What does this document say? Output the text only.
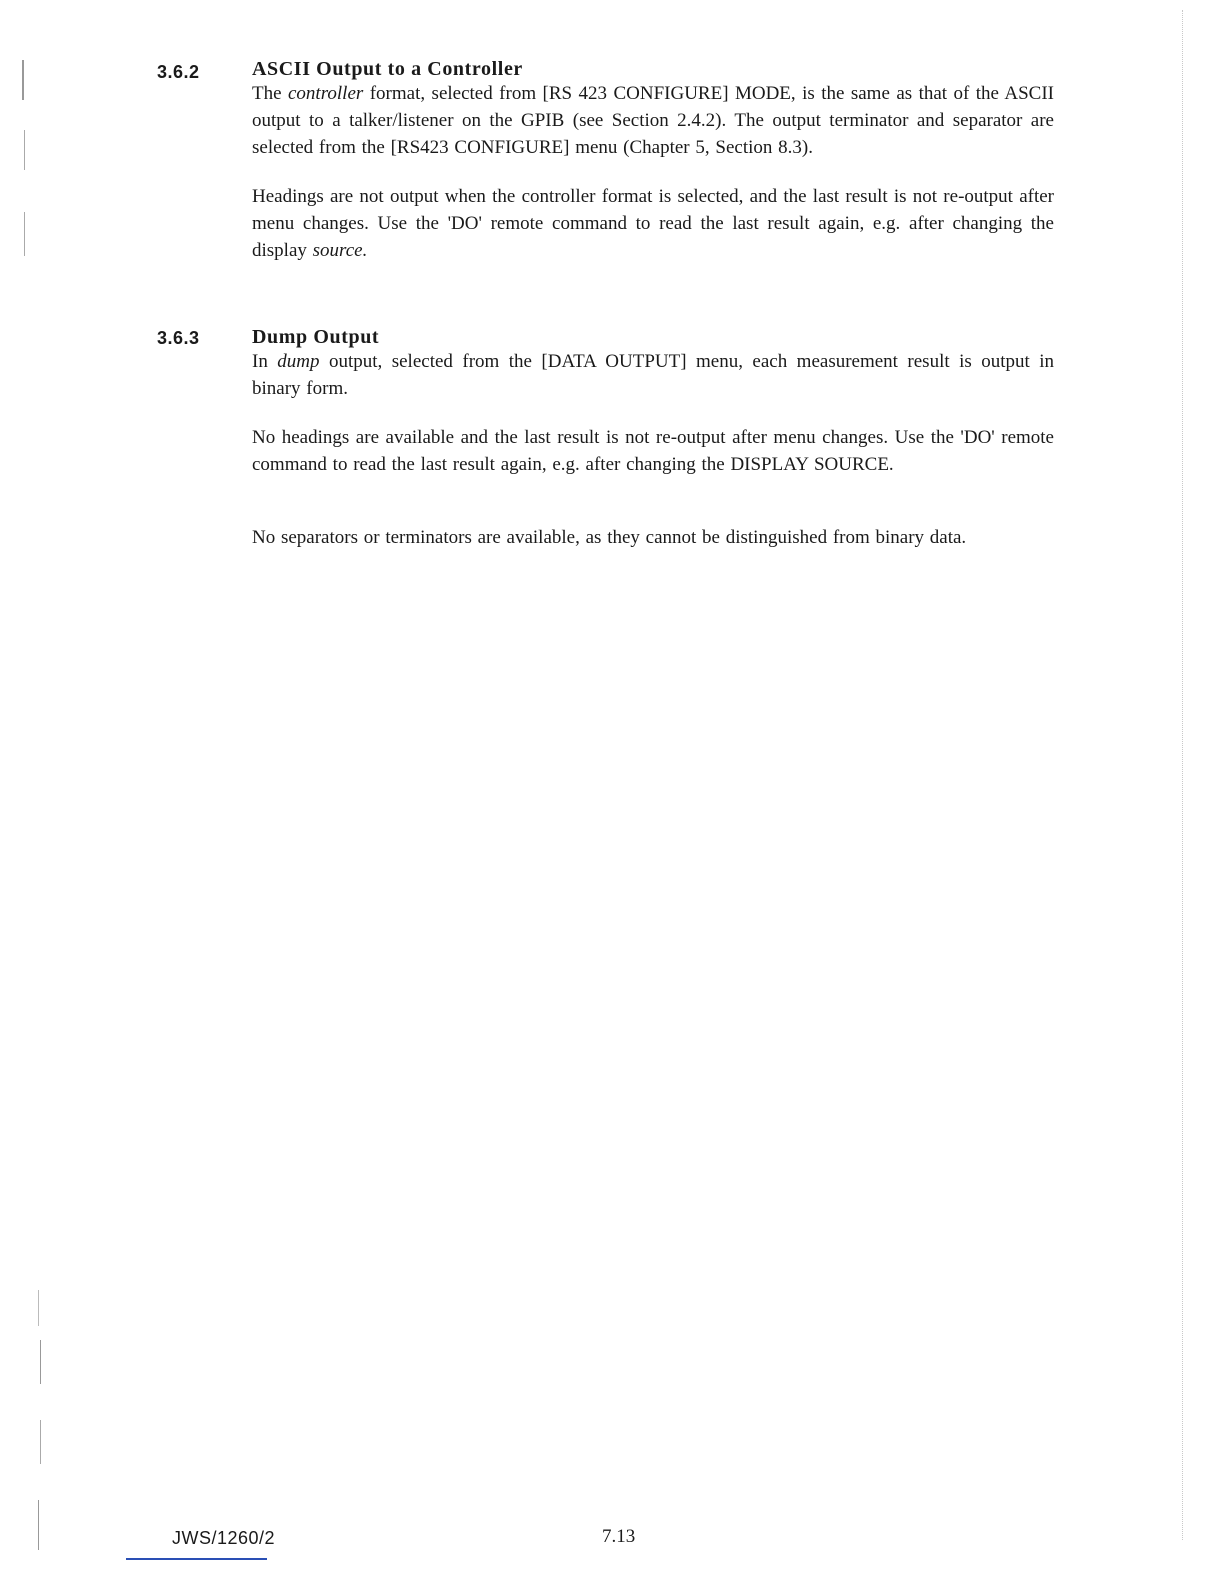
3.6.2	ASCII Output to a Controller

The controller format, selected from [RS 423 CONFIGURE] MODE, is the same as that of the ASCII output to a talker/listener on the GPIB (see Section 2.4.2). The output terminator and separator are selected from the [RS423 CONFIGURE] menu (Chapter 5, Section 8.3).

Headings are not output when the controller format is selected, and the last result is not re-output after menu changes. Use the 'DO' remote command to read the last result again, e.g. after changing the display source.

3.6.3	Dump Output

In dump output, selected from the [DATA OUTPUT] menu, each measurement result is output in binary form.

No headings are available and the last result is not re-output after menu changes. Use the 'DO' remote command to read the last result again, e.g. after changing the DISPLAY SOURCE.

No separators or terminators are available, as they cannot be distinguished from binary data.

JWS/1260/2	7.13
